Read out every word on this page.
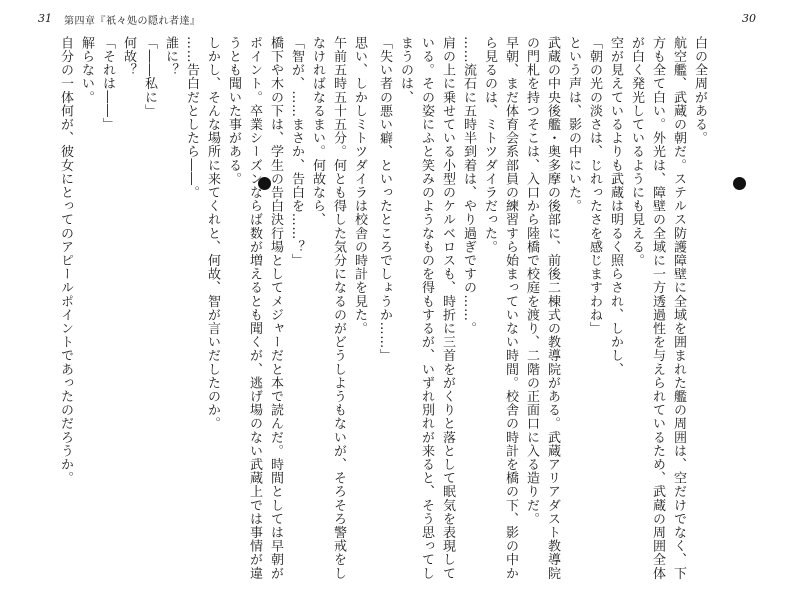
31 第四章『祇々処の隠れ者達』	30

思い、しかしミトツダイラは校舎の時計を見た。

午前五時五十五分。何とも得した気分になるのがどうしようもないが、そろそろ警戒をしなければなるまい。何故なら、

「智が、……まさか、告白を……？」

橋下や木の下は、学生の告白決行場としてメジャーだと本で読んだ。時間としては早朝がポイント。卒業シーズンならば数が増えるとも聞くが、逃げ場のない武蔵上では事情が違うとも聞いた事がある。

しかし、そんな場所に来てくれと、何故、智が言いだしたのか。

……告白だとしたら――。

誰に？

「――私に」

何故？

「それは――」

解らない。

自分の一体何が、彼女にとってのアピールポイントであったのだろうか。	白の全周がある。

航空艦、武蔵の朝だ。ステルス防護障壁に全域を囲まれた艦の周囲は、空だけでなく、下方も全て白い。外光は、障壁の全域に一方透過性を与えられているため、武蔵の周囲全体が白く発光しているようにも見える。

空が見えているよりも武蔵は明るく照らされ、しかし、

「朝の光の淡さは、じれったさを感じますわね」

という声は、影の中にいた。

武蔵の中央後艦・奥多摩の後部に、前後二棟式の教導院がある。武蔵アリアダスト教導院の門札を持つそこは、入口から陸橋で校庭を渡り、二階の正面口に入る造りだ。

早朝、まだ体育会系部員の練習すら始まっていない時間。校舎の時計を橋の下、影の中から見るのは、ミトツダイラだった。

……流石に五時半到着は、やり過ぎですの……。

肩の上に乗せている小型のケルベロスも、時折に三首をがくりと落として眠気を表現している。その姿にふと笑みのようなものを得もするが、いずれ別れが来ると、そう思ってしまうのは、

「失い者の悪い癖、といったところでしょうか……」
